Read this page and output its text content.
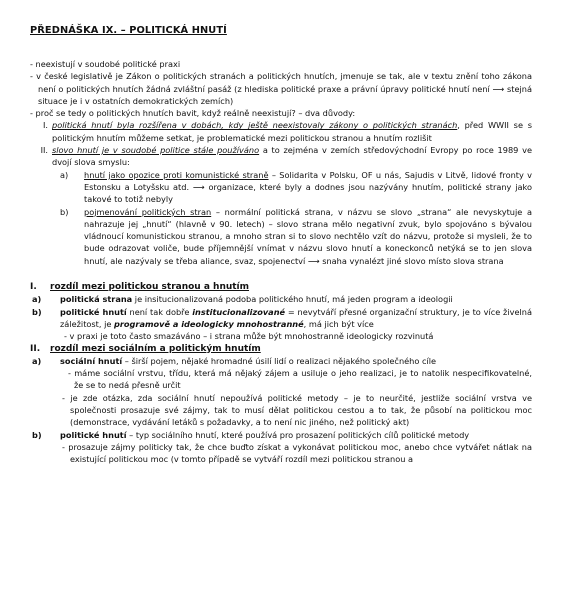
PŘEDNÁŠKA IX. – POLITICKÁ HNUTÍ
- neexistují v soudobé politické praxi
- v české legislativě je Zákon o politických stranách a politických hnutích, jmenuje se tak, ale v textu znění toho zákona není o politických hnutích žádná zvláštní pasáž (z hlediska politické praxe a právní úpravy politické hnutí není ⟶ stejná situace je i v ostatních demokratických zemích)
- proč se tedy o politických hnutích bavit, když reálně neexistují? – dva důvody:
I. politická hnutí byla rozšířena v dobách, kdy ještě neexistovaly zákony o politických stranách, před WWII se s politickým hnutím můžeme setkat, je problematické mezi politickou stranou a hnutím rozlišit
II. slovo hnutí je v soudobé politice stále používáno a to zejména v zemích středovýchodní Evropy po roce 1989 ve dvojí slova smyslu:
a) hnutí jako opozice proti komunistické straně – Solidarita v Polsku, OF u nás, Sajudis v Litvě, lidové fronty v Estonsku a Lotyšsku atd. ⟶ organizace, které byly a dodnes jsou nazývány hnutím, politické strany jako takové to totiž nebyly
b) pojmenování politických stran – normální politická strana, v názvu se slovo „strana“ ale nevyskytuje a nahrazuje jej „hnutí“ (hlavně v 90. letech) – slovo strana mělo negativní zvuk, bylo spojováno s bývalou vládnoucí komunistickou stranou, a mnoho stran si to slovo nechtělo vzít do názvu, protože si mysleli, že to bude odrazovat voliče, bude příjemnější vnímat v názvu slovo hnutí a koneckonců netýká se to jen slova hnutí, ale nazývaly se třeba aliance, svaz, spojenectví ⟶ snaha vynalézt jiné slovo místo slova strana
I. rozdíl mezi politickou stranou a hnutím
a) politická strana je insitucionalizovaná podoba politického hnutí, má jeden program a ideologii
b) politické hnutí není tak dobře institucionalizované = nevytváří přesné organizační struktury, je to více živelná záležitost, je programově a ideologicky mnohostranné, má jich být více
- v praxi je toto často smazáváno – i strana může být mnohostranně ideologicky rozvinutá
II. rozdíl mezi sociálním a politickým hnutím
a) sociální hnutí – širší pojem, nějaké hromadné úsilí lidí o realizaci nějakého společného cíle
- máme sociální vrstvu, třídu, která má nějaký zájem a usiluje o jeho realizaci, je to natolik nespecifikovatelné, že se to nedá přesně určit
- je zde otázka, zda sociální hnutí nepoužívá politické metody – je to neurčité, jestliže sociální vrstva ve společnosti prosazuje své zájmy, tak to musí dělat politickou cestou a to tak, že působí na politickou moc (demonstrace, vydávání letáků s požadavky, a to není nic jiného, než politický akt)
b) politické hnutí – typ sociálního hnutí, které používá pro prosazení politických cílů politické metody
- prosazuje zájmy politicky tak, že chce buďto získat a vykonávat politickou moc, anebo chce vytvářet nátlak na existující politickou moc (v tomto případě se vytváří rozdíl mezi politickou stranou a
